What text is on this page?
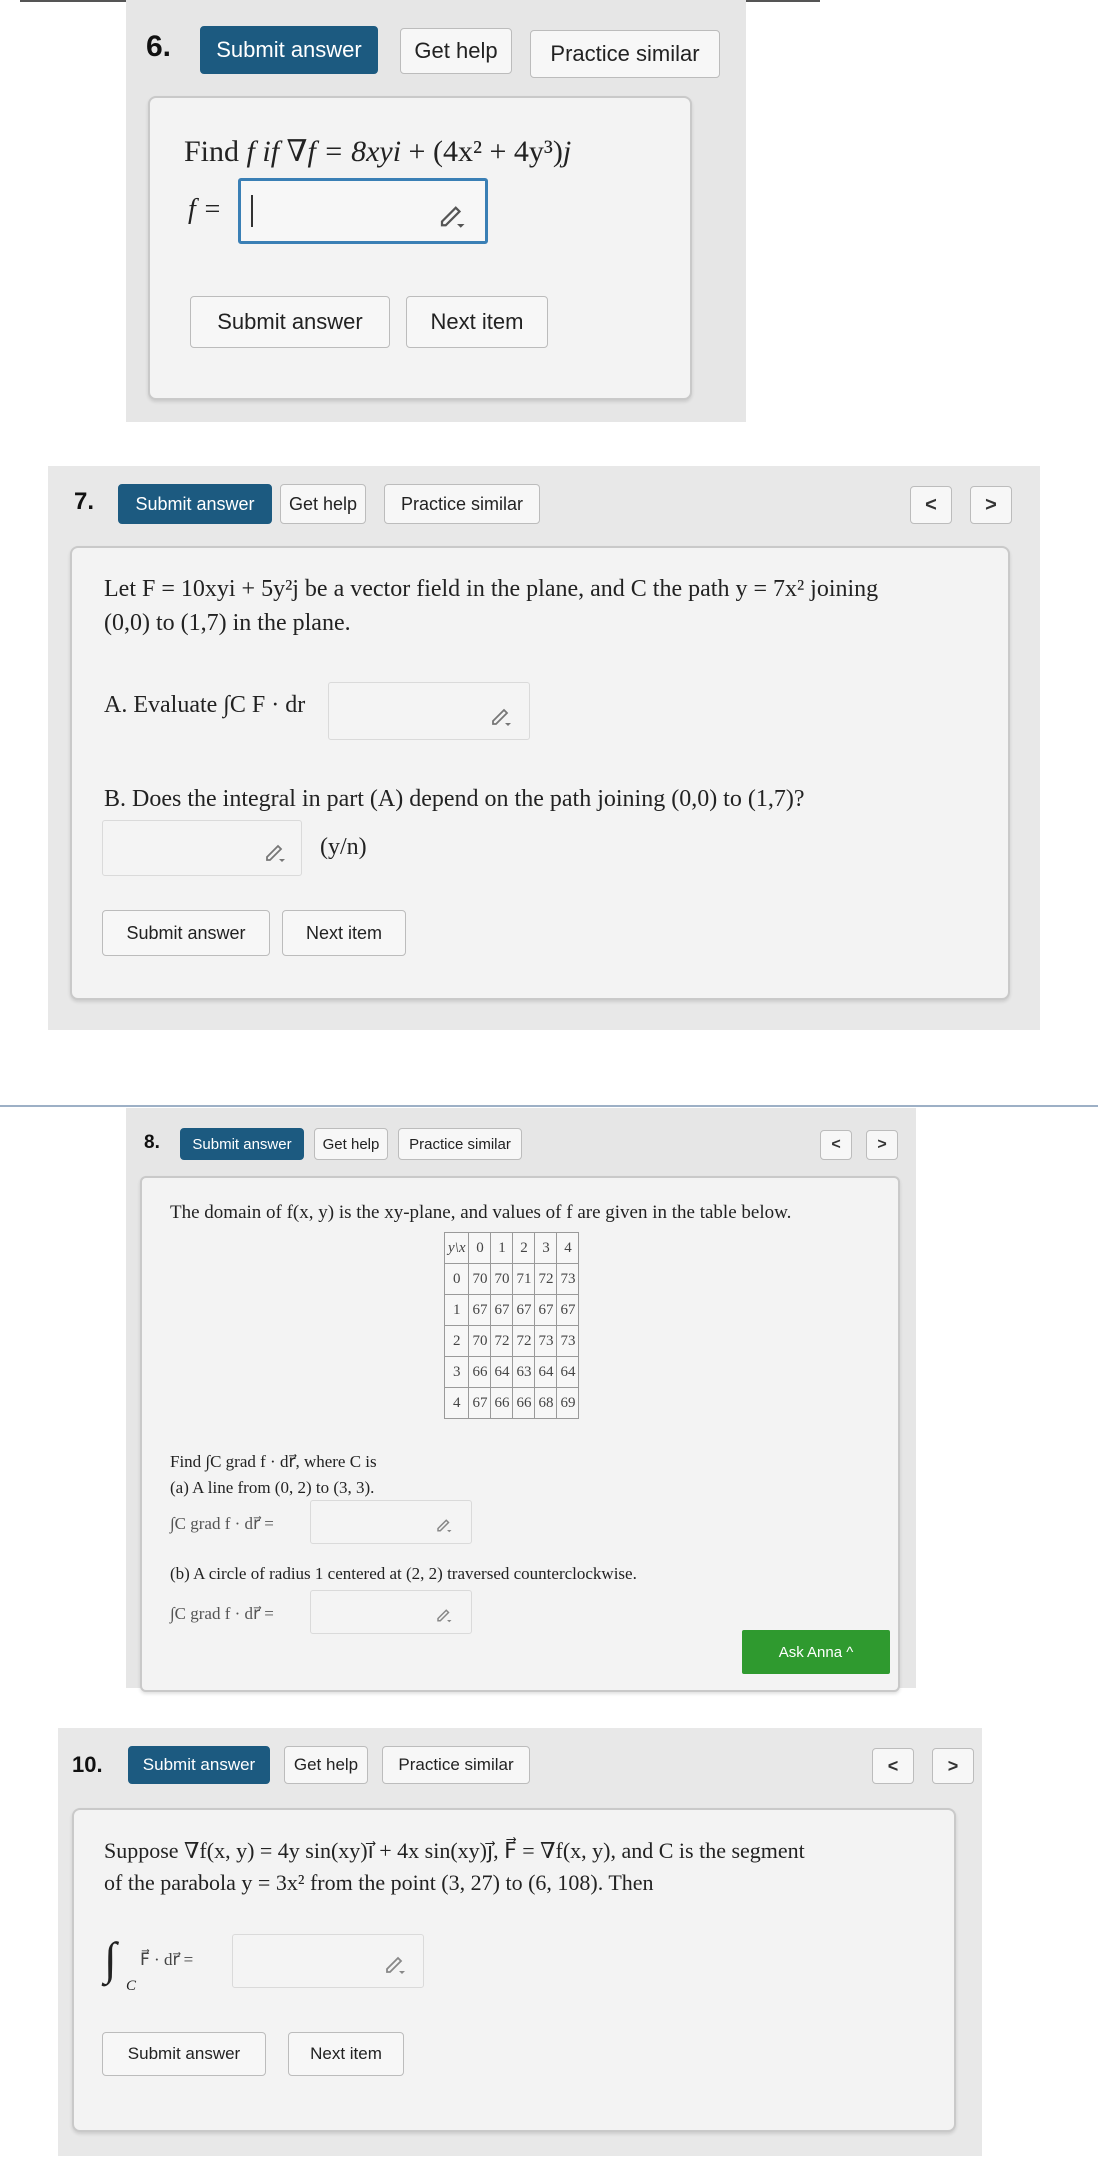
6.	Submit answer	Get help	Practice similar
Find f if ∇f = 8xyi + (4x² + 4y³)j
f =
Submit answer	Next item
7.	Submit answer	Get help	Practice similar	<	>
Let F = 10xyi + 5y²j be a vector field in the plane, and C the path y = 7x² joining
(0,0) to (1,7) in the plane.
A. Evaluate ∫C F · dr
B. Does the integral in part (A) depend on the path joining (0,0) to (1,7)?
(y/n)
Submit answer	Next item
8.	Submit answer	Get help	Practice similar	<	>
The domain of f(x, y) is the xy-plane, and values of f are given in the table below.
y\x	0	1	2	3	4
0	70	70	71	72	73
1	67	67	67	67	67
2	70	72	72	73	73
3	66	64	63	64	64
4	67	66	66	68	69
Find ∫C grad f · dr⃗, where C is
(a) A line from (0, 2) to (3, 3).
∫C grad f · dr⃗ =
(b) A circle of radius 1 centered at (2, 2) traversed counterclockwise.
∫C grad f · dr⃗ =
Ask Anna ^
10.	Submit answer	Get help	Practice similar	<	>
Suppose ∇f(x, y) = 4y sin(xy)i⃗ + 4x sin(xy)j⃗, F⃗ = ∇f(x, y), and C is the segment
of the parabola y = 3x² from the point (3, 27) to (6, 108). Then
∫
C
F⃗ · dr⃗ =
Submit answer	Next item
